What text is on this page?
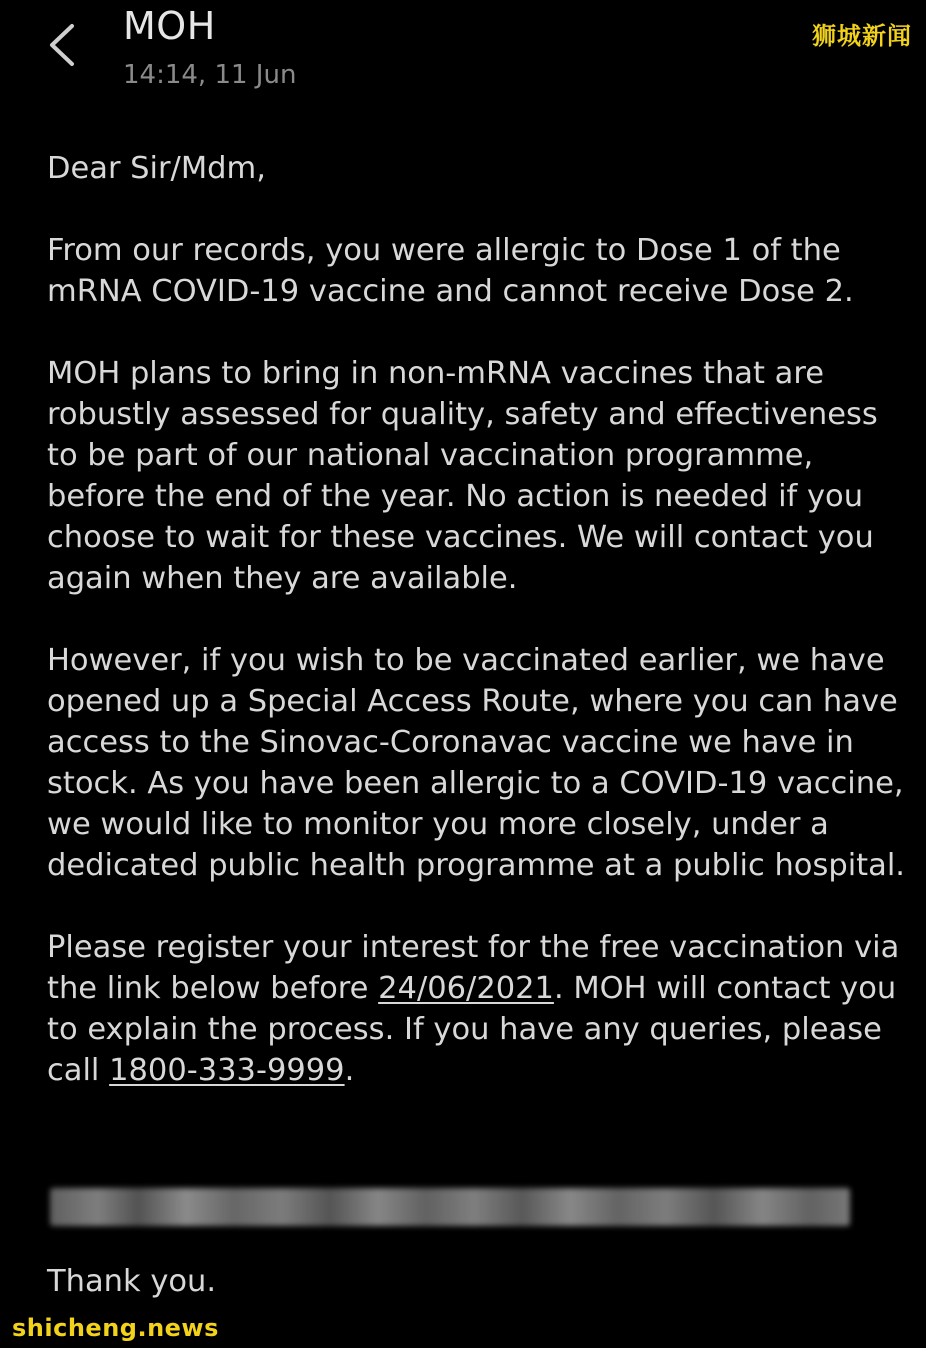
MOH
14:14, 11 Jun
狮城新闻

Dear Sir/Mdm,

From our records, you were allergic to Dose 1 of the mRNA COVID-19 vaccine and cannot receive Dose 2.

MOH plans to bring in non-mRNA vaccines that are robustly assessed for quality, safety and effectiveness to be part of our national vaccination programme, before the end of the year. No action is needed if you choose to wait for these vaccines. We will contact you again when they are available.

However, if you wish to be vaccinated earlier, we have opened up a Special Access Route, where you can have access to the Sinovac-Coronavac vaccine we have in stock. As you have been allergic to a COVID-19 vaccine, we would like to monitor you more closely, under a dedicated public health programme at a public hospital.

Please register your interest for the free vaccination via the link below before 24/06/2021. MOH will contact you to explain the process. If you have any queries, please call 1800-333-9999.

Thank you.
shicheng.news
